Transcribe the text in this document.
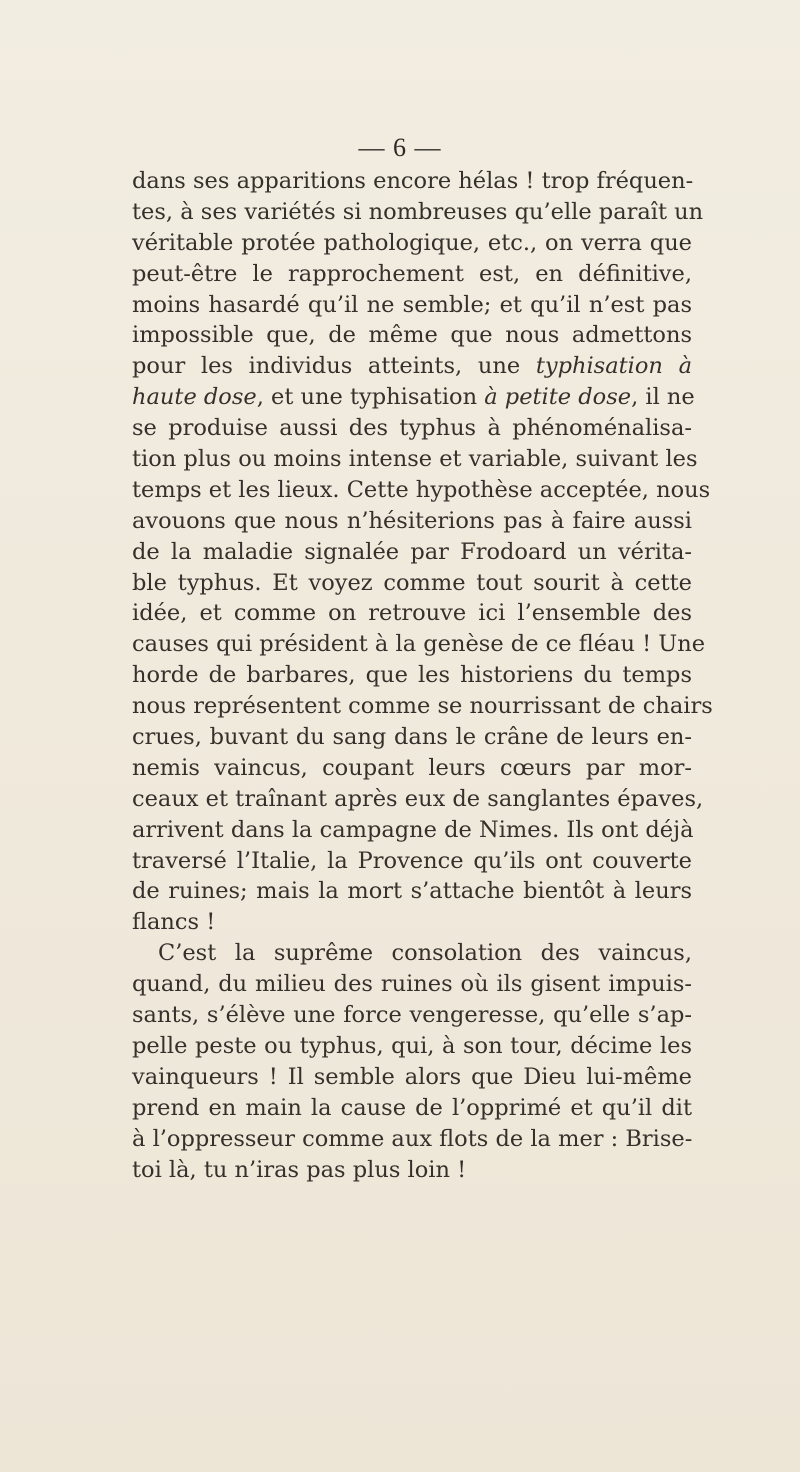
— 6 —
dans ses apparitions encore hélas ! trop fréquen-
tes, à ses variétés si nombreuses qu’elle paraît un
véritable protée pathologique, etc., on verra que
peut-être le rapprochement est, en définitive,
moins hasardé qu’il ne semble; et qu’il n’est pas
impossible que, de même que nous admettons
pour les individus atteints, une typhisation à
haute dose, et une typhisation à petite dose, il ne
se produise aussi des typhus à phénoménalisa-
tion plus ou moins intense et variable, suivant les
temps et les lieux. Cette hypothèse acceptée, nous
avouons que nous n’hésiterions pas à faire aussi
de la maladie signalée par Frodoard un vérita-
ble typhus. Et voyez comme tout sourit à cette
idée, et comme on retrouve ici l’ensemble des
causes qui président à la genèse de ce fléau ! Une
horde de barbares, que les historiens du temps
nous représentent comme se nourrissant de chairs
crues, buvant du sang dans le crâne de leurs en-
nemis vaincus, coupant leurs cœurs par mor-
ceaux et traînant après eux de sanglantes épaves,
arrivent dans la campagne de Nimes. Ils ont déjà
traversé l’Italie, la Provence qu’ils ont couverte
de ruines; mais la mort s’attache bientôt à leurs
flancs !
C’est la suprême consolation des vaincus,
quand, du milieu des ruines où ils gisent impuis-
sants, s’élève une force vengeresse, qu’elle s’ap-
pelle peste ou typhus, qui, à son tour, décime les
vainqueurs ! Il semble alors que Dieu lui-même
prend en main la cause de l’opprimé et qu’il dit
à l’oppresseur comme aux flots de la mer : Brise-
toi là, tu n’iras pas plus loin !
